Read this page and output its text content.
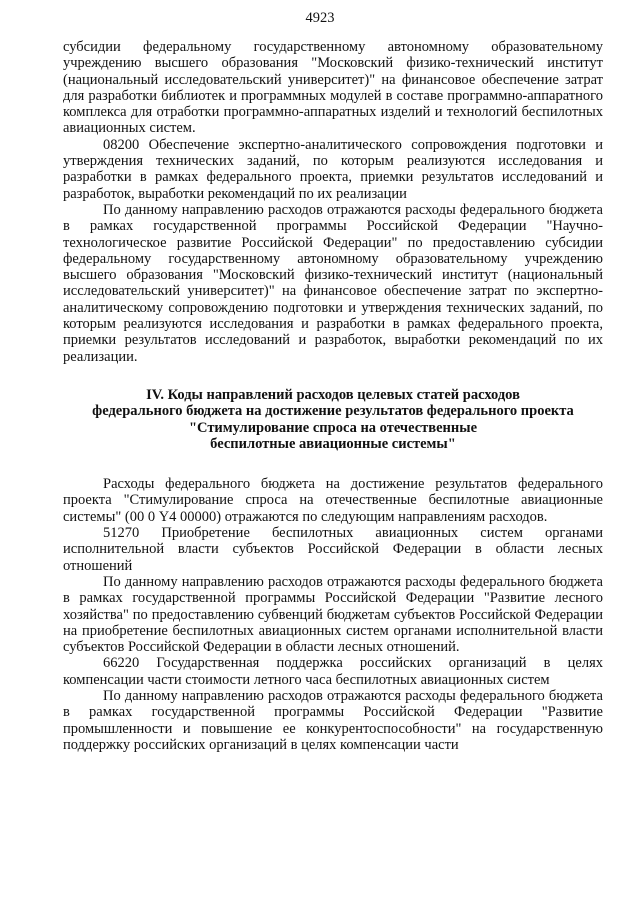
4923

субсидии федеральному государственному автономному образовательному учреждению высшего образования "Московский физико-технический институт (национальный исследовательский университет)" на финансовое обеспечение затрат для разработки библиотек и программных модулей в составе программно-аппаратного комплекса для отработки программно-аппаратных изделий и технологий беспилотных авиационных систем.

08200 Обеспечение экспертно-аналитического сопровождения подготовки и утверждения технических заданий, по которым реализуются исследования и разработки в рамках федерального проекта, приемки результатов исследований и разработок, выработки рекомендаций по их реализации

По данному направлению расходов отражаются расходы федерального бюджета в рамках государственной программы Российской Федерации "Научно-технологическое развитие Российской Федерации" по предоставлению субсидии федеральному государственному автономному образовательному учреждению высшего образования "Московский физико-технический институт (национальный исследовательский университет)" на финансовое обеспечение затрат по экспертно-аналитическому сопровождению подготовки и утверждения технических заданий, по которым реализуются исследования и разработки в рамках федерального проекта, приемки результатов исследований и разработок, выработки рекомендаций по их реализации.

IV. Коды направлений расходов целевых статей расходов
федерального бюджета на достижение результатов федерального проекта
"Стимулирование спроса на отечественные
беспилотные авиационные системы"

Расходы федерального бюджета на достижение результатов федерального проекта "Стимулирование спроса на отечественные беспилотные авиационные системы" (00 0 Y4 00000) отражаются по следующим направлениям расходов.

51270 Приобретение беспилотных авиационных систем органами исполнительной власти субъектов Российской Федерации в области лесных отношений

По данному направлению расходов отражаются расходы федерального бюджета в рамках государственной программы Российской Федерации "Развитие лесного хозяйства" по предоставлению субвенций бюджетам субъектов Российской Федерации на приобретение беспилотных авиационных систем органами исполнительной власти субъектов Российской Федерации в области лесных отношений.

66220 Государственная поддержка российских организаций в целях компенсации части стоимости летного часа беспилотных авиационных систем

По данному направлению расходов отражаются расходы федерального бюджета в рамках государственной программы Российской Федерации "Развитие промышленности и повышение ее конкурентоспособности" на государственную поддержку российских организаций в целях компенсации части
